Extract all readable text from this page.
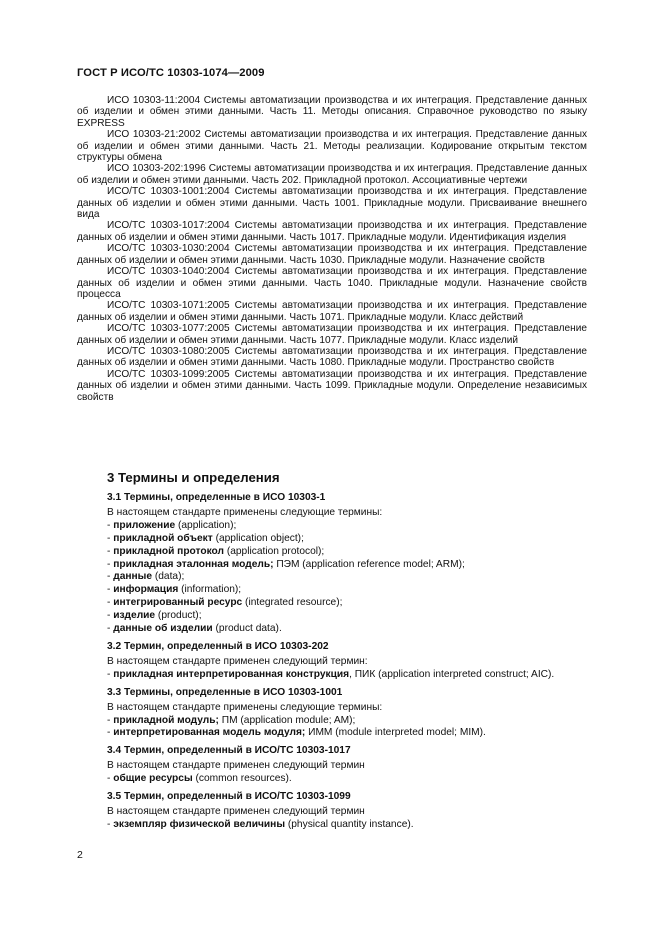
ГОСТ Р ИСО/ТС 10303-1074—2009

ИСО 10303-11:2004 Системы автоматизации производства и их интеграция. Представление данных об изделии и обмен этими данными. Часть 11. Методы описания. Справочное руководство по языку EXPRESS

ИСО 10303-21:2002 Системы автоматизации производства и их интеграция. Представление данных об изделии и обмен этими данными. Часть 21. Методы реализации. Кодирование открытым текстом структуры обмена

ИСО 10303-202:1996 Системы автоматизации производства и их интеграция. Представление данных об изделии и обмен этими данными. Часть 202. Прикладной протокол. Ассоциативные чертежи

ИСО/ТС 10303-1001:2004 Системы автоматизации производства и их интеграция. Представление данных об изделии и обмен этими данными. Часть 1001. Прикладные модули. Присваивание внешнего вида

ИСО/ТС 10303-1017:2004 Системы автоматизации производства и их интеграция. Представление данных об изделии и обмен этими данными. Часть 1017. Прикладные модули. Идентификация изделия

ИСО/ТС 10303-1030:2004 Системы автоматизации производства и их интеграция. Представление данных об изделии и обмен этими данными. Часть 1030. Прикладные модули. Назначение свойств

ИСО/ТС 10303-1040:2004 Системы автоматизации производства и их интеграция. Представление данных об изделии и обмен этими данными. Часть 1040. Прикладные модули. Назначение свойств процесса

ИСО/ТС 10303-1071:2005 Системы автоматизации производства и их интеграция. Представление данных об изделии и обмен этими данными. Часть 1071. Прикладные модули. Класс действий

ИСО/ТС 10303-1077:2005 Системы автоматизации производства и их интеграция. Представление данных об изделии и обмен этими данными. Часть 1077. Прикладные модули. Класс изделий

ИСО/ТС 10303-1080:2005 Системы автоматизации производства и их интеграция. Представление данных об изделии и обмен этими данными. Часть 1080. Прикладные модули. Пространство свойств

ИСО/ТС 10303-1099:2005 Системы автоматизации производства и их интеграция. Представление данных об изделии и обмен этими данными. Часть 1099. Прикладные модули. Определение независимых свойств

3 Термины и определения

3.1 Термины, определенные в ИСО 10303-1

В настоящем стандарте применены следующие термины:

- приложение (application);

- прикладной объект (application object);

- прикладной протокол (application protocol);

- прикладная эталонная модель; ПЭМ (application reference model; ARM);

- данные (data);

- информация (information);

- интегрированный ресурс (integrated resource);

- изделие (product);

- данные об изделии (product data).

3.2 Термин, определенный в ИСО 10303-202

В настоящем стандарте применен следующий термин:

- прикладная интерпретированная конструкция, ПИК (application interpreted construct; AIC).

3.3 Термины, определенные в ИСО 10303-1001

В настоящем стандарте применены следующие термины:

- прикладной модуль; ПМ (application module; AM);

- интерпретированная модель модуля; ИММ (module interpreted model; MIM).

3.4 Термин, определенный в ИСО/ТС 10303-1017

В настоящем стандарте применен следующий термин

- общие ресурсы (common resources).

3.5 Термин, определенный в ИСО/ТС 10303-1099

В настоящем стандарте применен следующий термин

- экземпляр физической величины (physical quantity instance).

2
